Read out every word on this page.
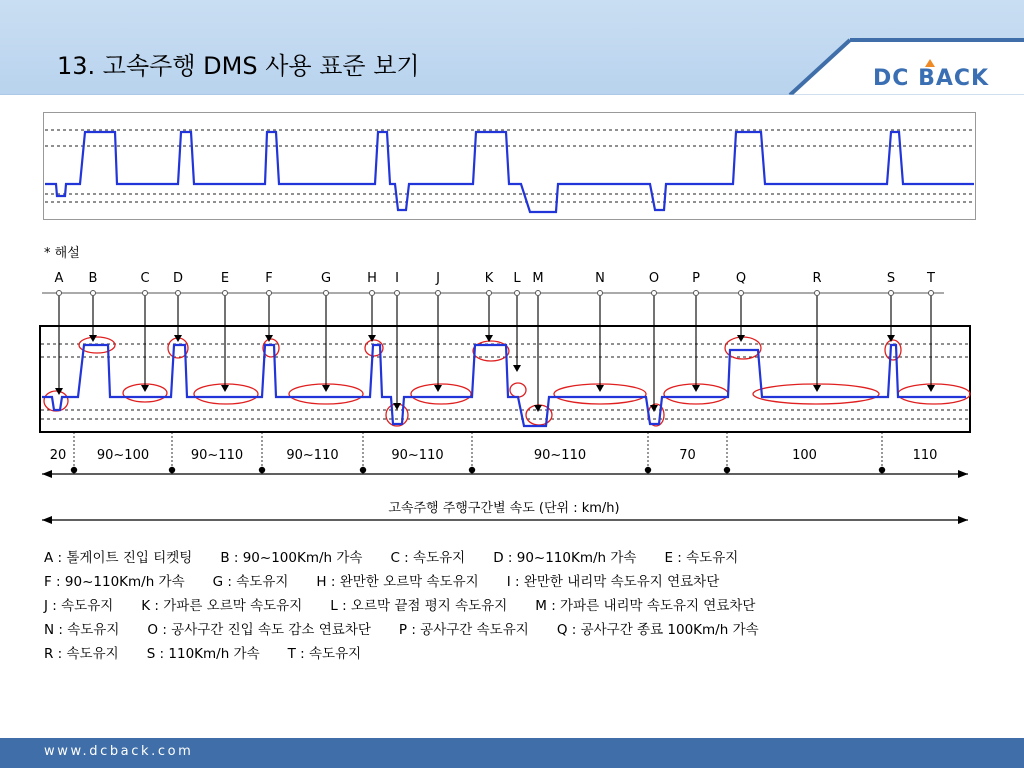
13. 고속주행 DMS 사용 표준 보기	DC BACK
* 해설
A B	C D	E	F	G	H I	J	K L M	N	O	P	Q	R	S T
20 90~100	90~110	90~110	90~110	90~110	70	100	110
고속주행 주행구간별 속도 (단위 : km/h)
A : 톨게이트 진입 티켓팅 B : 90~100Km/h 가속 C : 속도유지 D : 90~110Km/h 가속 E : 속도유지
F : 90~110Km/h 가속 G : 속도유지 H : 완만한 오르막 속도유지 I : 완만한 내리막 속도유지 연료차단
J : 속도유지 K : 가파른 오르막 속도유지 L : 오르막 끝점 평지 속도유지 M : 가파른 내리막 속도유지 연료차단
N : 속도유지 O : 공사구간 진입 속도 감소 연료차단 P : 공사구간 속도유지 Q : 공사구간 종료 100Km/h 가속
R : 속도유지 S : 110Km/h 가속 T : 속도유지
www.dcback.com
